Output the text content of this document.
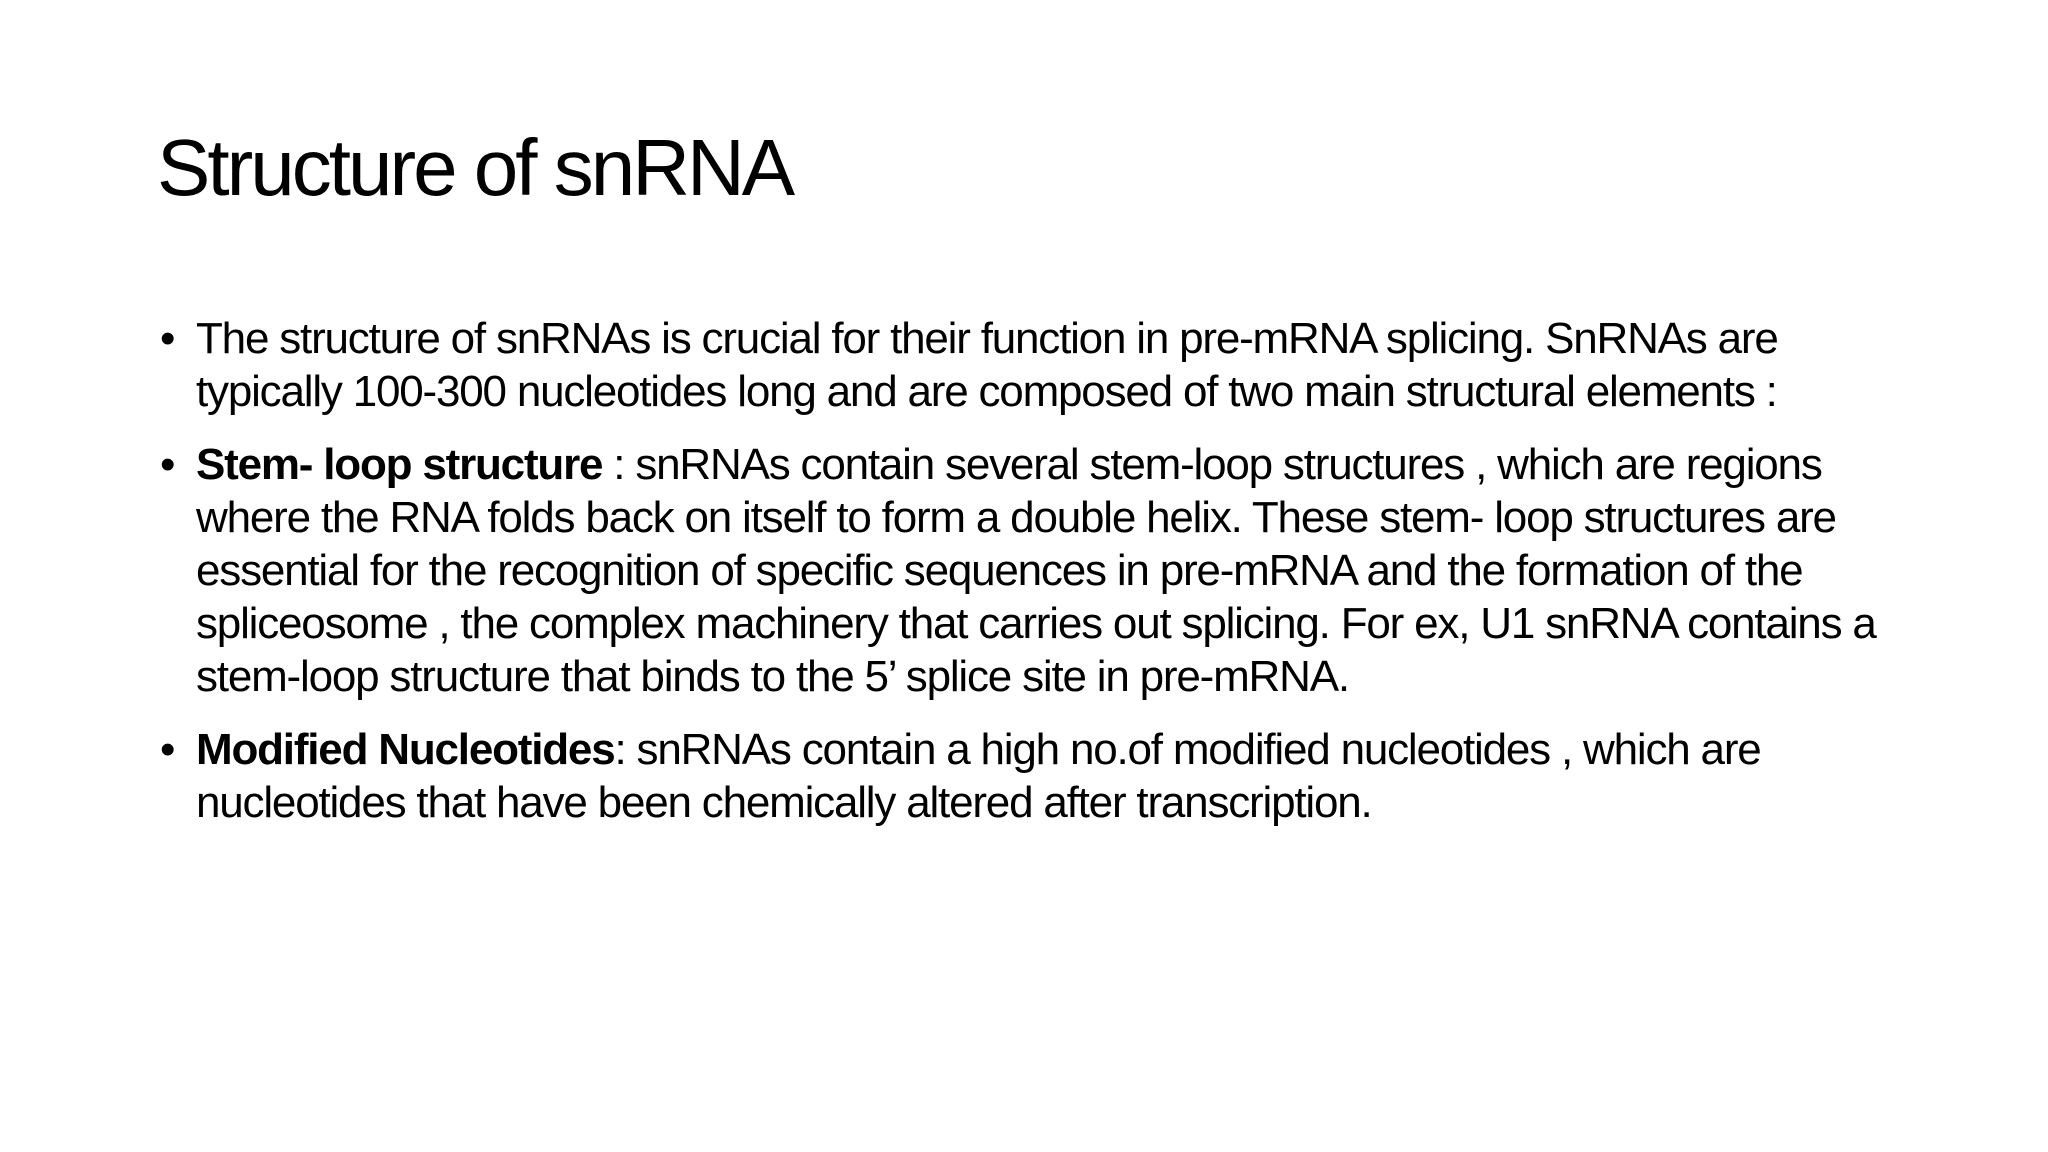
Structure of snRNA
• The structure of snRNAs is crucial for their function in pre-mRNA splicing. SnRNAs are typically 100-300 nucleotides long and are composed of two main structural elements :
• Stem- loop structure : snRNAs contain several stem-loop structures , which are regions where the RNA folds back on itself to form a double helix. These stem- loop structures are essential for the recognition of specific sequences in pre-mRNA and the formation of the spliceosome , the complex machinery that carries out splicing. For ex, U1 snRNA contains a stem-loop structure that binds to the 5’ splice site in pre-mRNA.
• Modified Nucleotides: snRNAs contain a high no.of modified nucleotides , which are nucleotides that have been chemically altered after transcription.
